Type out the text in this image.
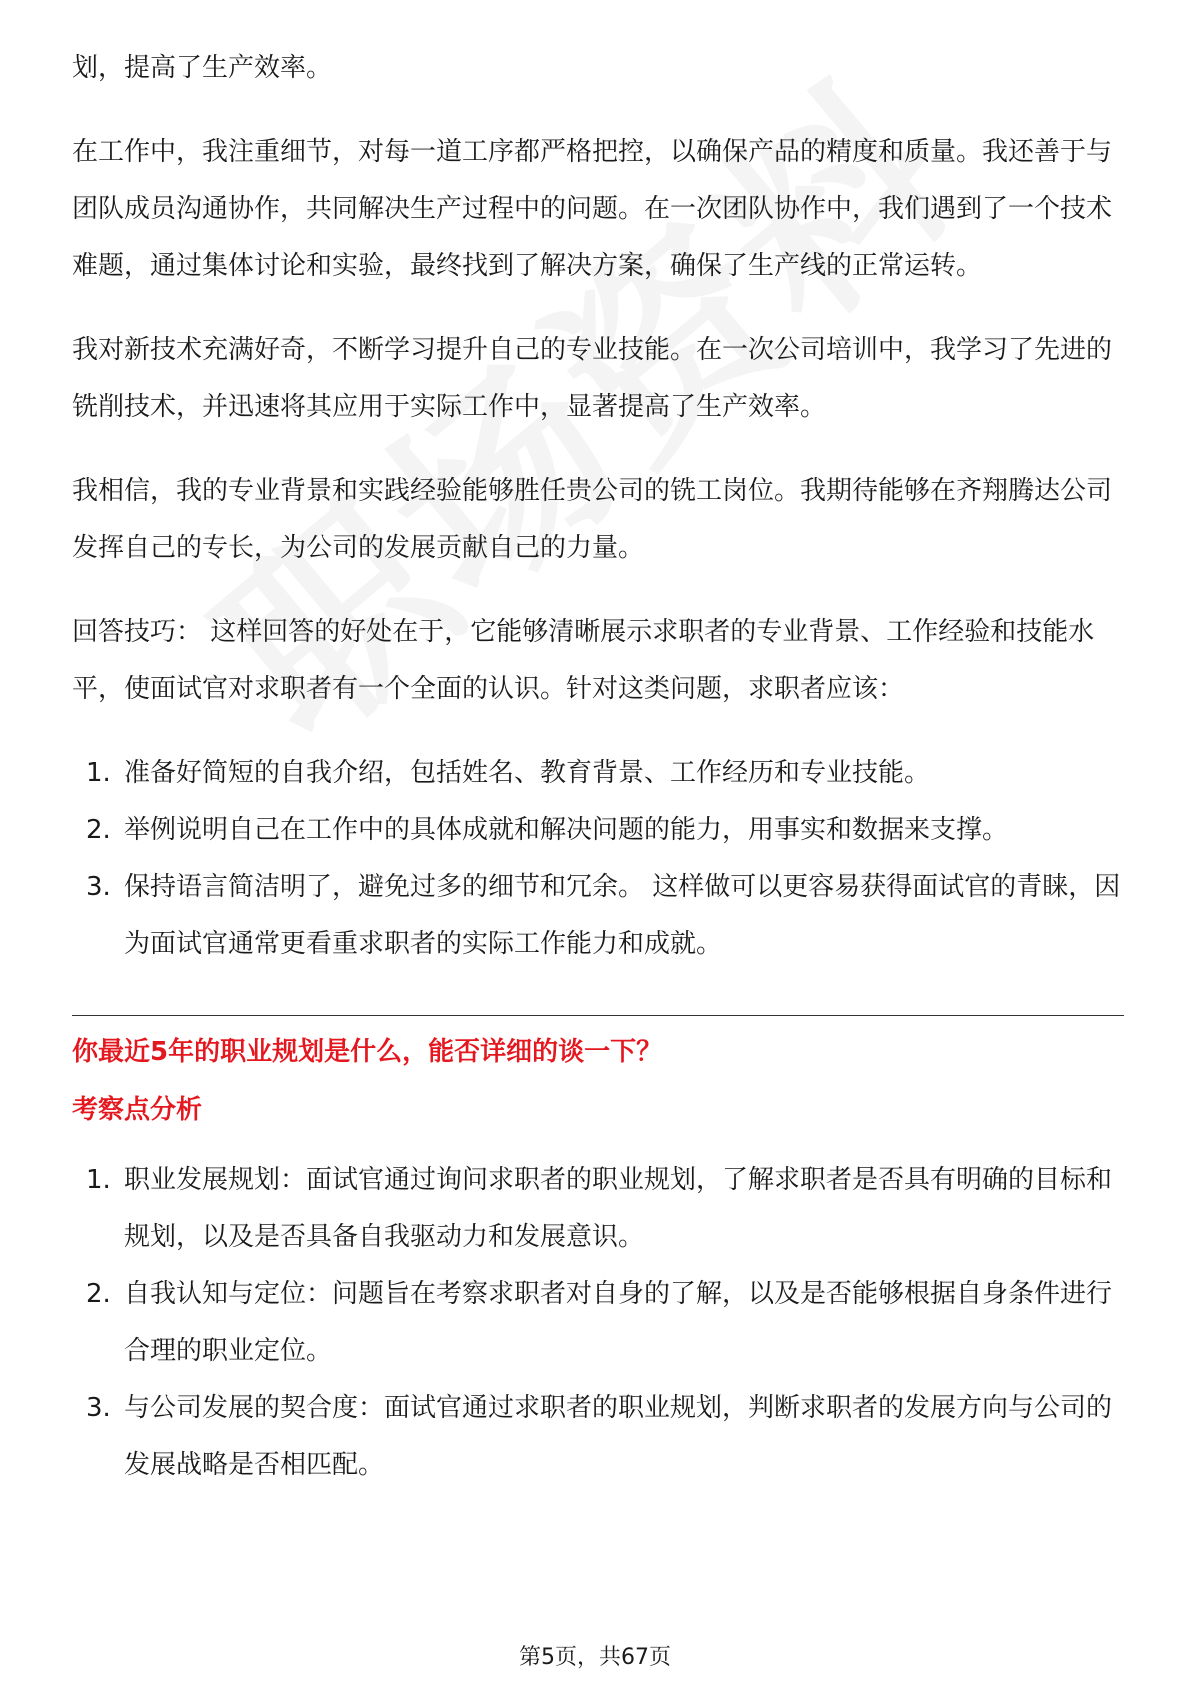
划，提高了生产效率。

在工作中，我注重细节，对每一道工序都严格把控，以确保产品的精度和质量。我还善于与团队成员沟通协作，共同解决生产过程中的问题。在一次团队协作中，我们遇到了一个技术难题，通过集体讨论和实验，最终找到了解决方案，确保了生产线的正常运转。

我对新技术充满好奇，不断学习提升自己的专业技能。在一次公司培训中，我学习了先进的铣削技术，并迅速将其应用于实际工作中，显著提高了生产效率。

我相信，我的专业背景和实践经验能够胜任贵公司的铣工岗位。我期待能够在齐翔腾达公司发挥自己的专长，为公司的发展贡献自己的力量。

回答技巧： 这样回答的好处在于，它能够清晰展示求职者的专业背景、工作经验和技能水平，使面试官对求职者有一个全面的认识。针对这类问题，求职者应该：

1. 准备好简短的自我介绍，包括姓名、教育背景、工作经历和专业技能。
2. 举例说明自己在工作中的具体成就和解决问题的能力，用事实和数据来支撑。
3. 保持语言简洁明了，避免过多的细节和冗余。 这样做可以更容易获得面试官的青睐，因为面试官通常更看重求职者的实际工作能力和成就。
你最近5年的职业规划是什么，能否详细的谈一下？
考察点分析
1. 职业发展规划：面试官通过询问求职者的职业规划，了解求职者是否具有明确的目标和规划，以及是否具备自我驱动力和发展意识。
2. 自我认知与定位：问题旨在考察求职者对自身的了解，以及是否能够根据自身条件进行合理的职业定位。
3. 与公司发展的契合度：面试官通过求职者的职业规划，判断求职者的发展方向与公司的发展战略是否相匹配。
第5页，共67页
